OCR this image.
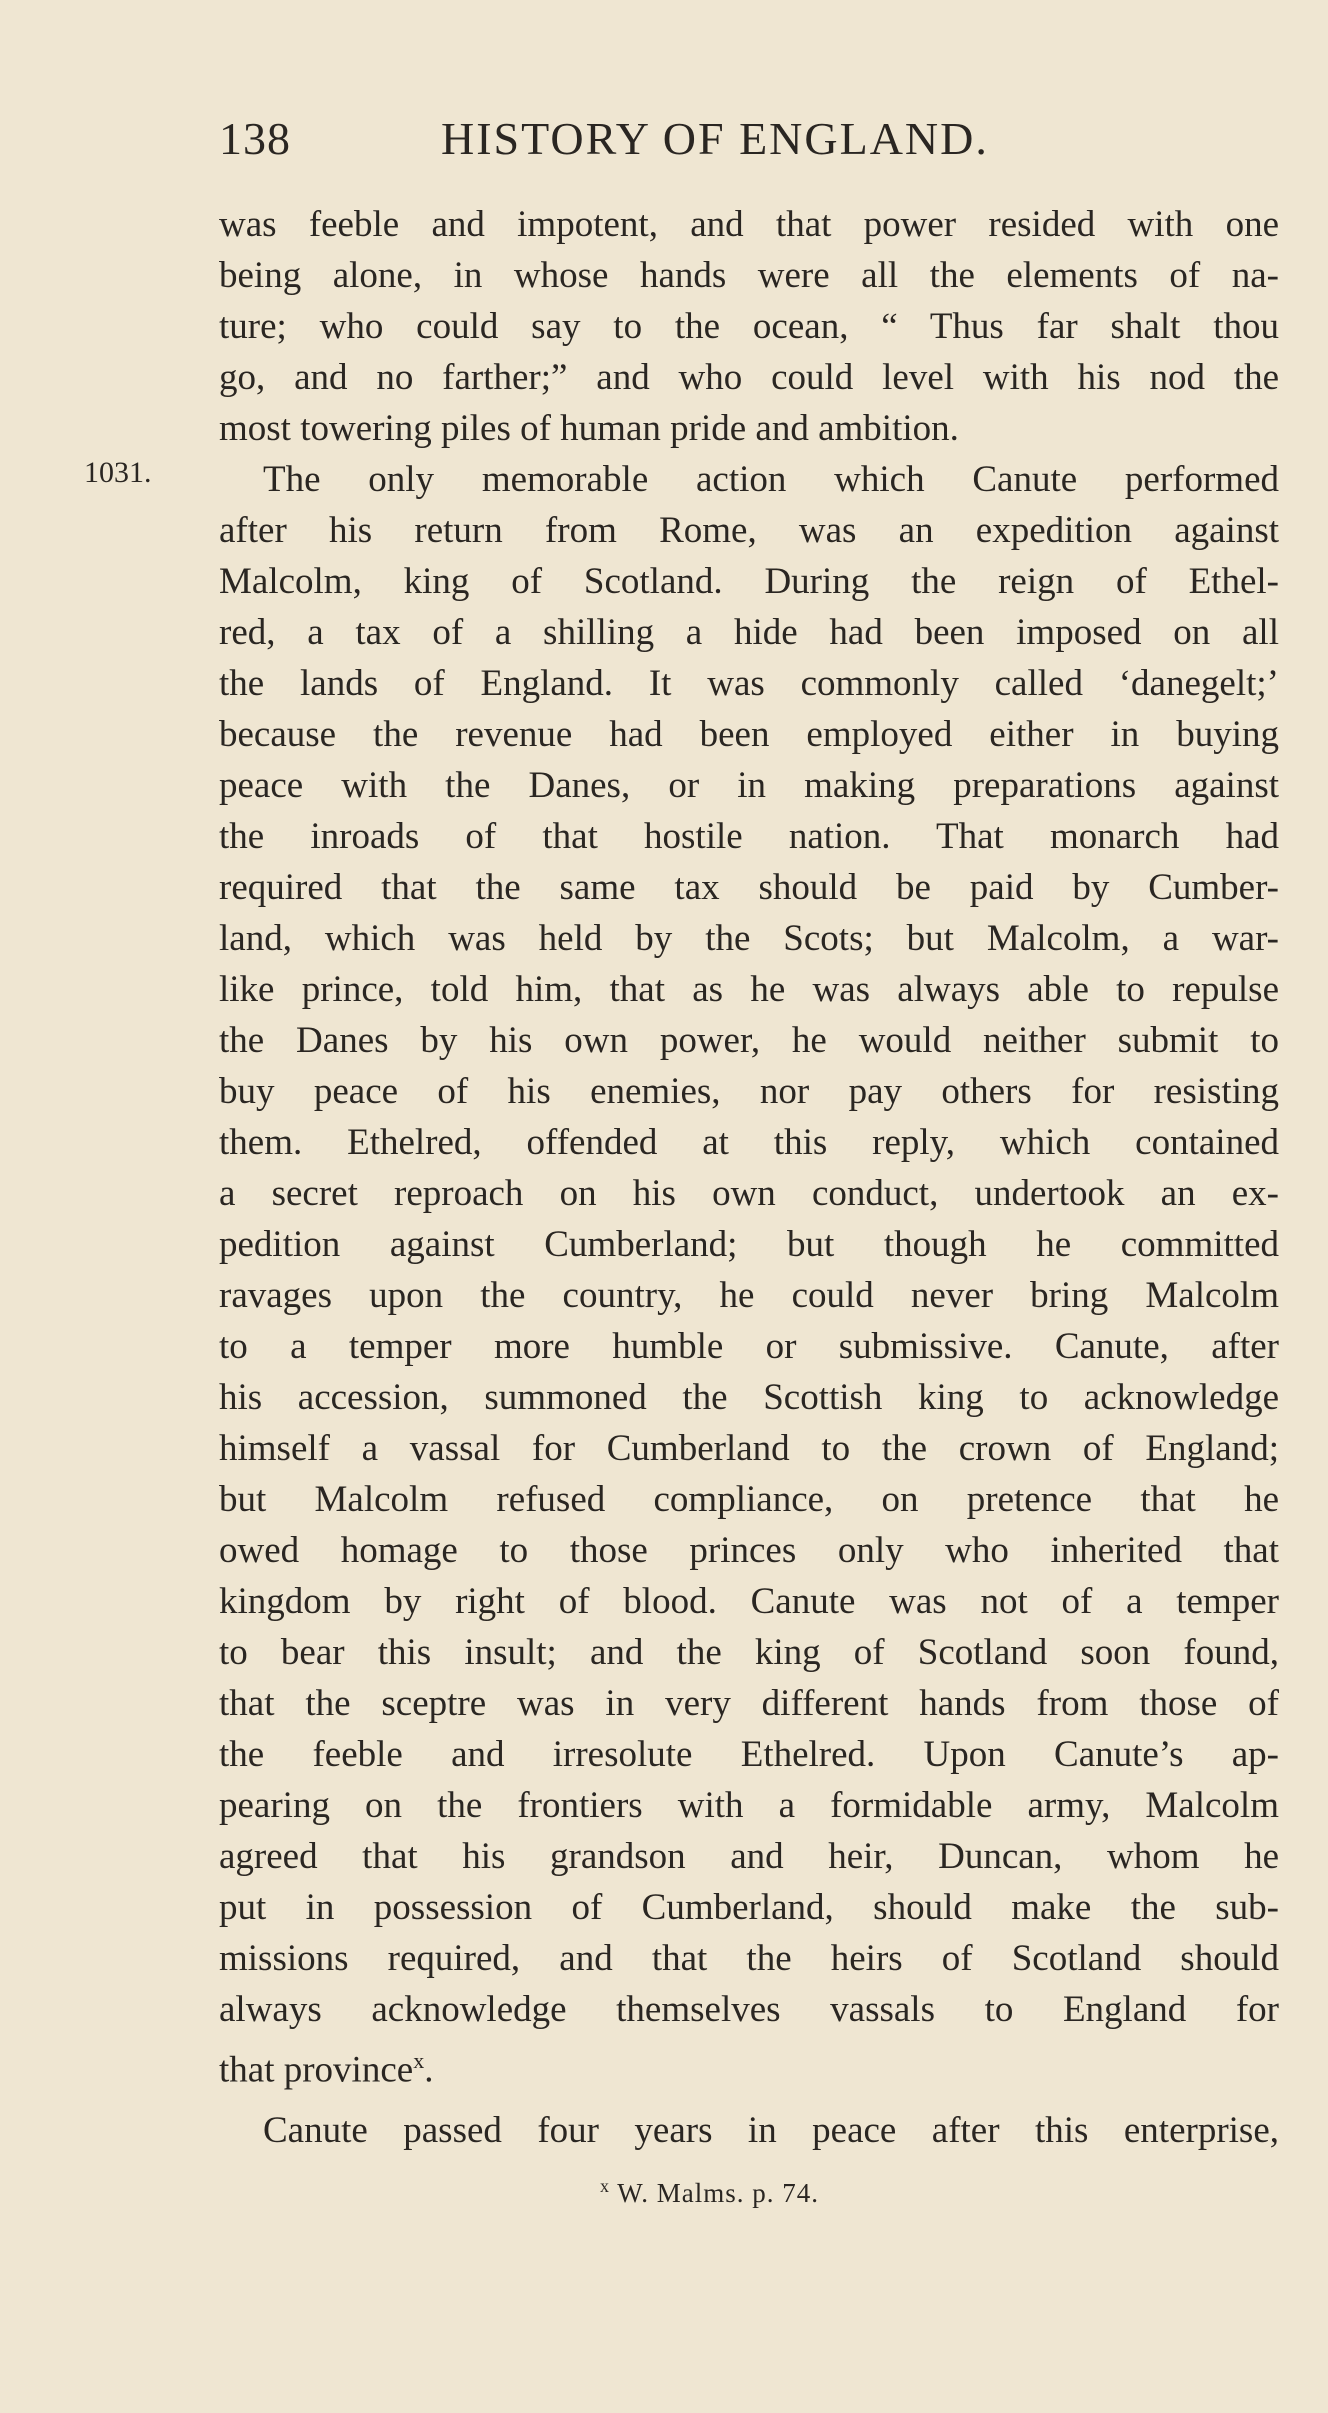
138	HISTORY OF ENGLAND.
1031.
was feeble and impotent, and that power resided with one
being alone, in whose hands were all the elements of na-
ture; who could say to the ocean, “ Thus far shalt thou
go, and no farther;” and who could level with his nod the
most towering piles of human pride and ambition.
The only memorable action which Canute performed
after his return from Rome, was an expedition against
Malcolm, king of Scotland. During the reign of Ethel-
red, a tax of a shilling a hide had been imposed on all
the lands of England. It was commonly called ‘danegelt;’
because the revenue had been employed either in buying
peace with the Danes, or in making preparations against
the inroads of that hostile nation. That monarch had
required that the same tax should be paid by Cumber-
land, which was held by the Scots; but Malcolm, a war-
like prince, told him, that as he was always able to repulse
the Danes by his own power, he would neither submit to
buy peace of his enemies, nor pay others for resisting
them. Ethelred, offended at this reply, which contained
a secret reproach on his own conduct, undertook an ex-
pedition against Cumberland; but though he committed
ravages upon the country, he could never bring Malcolm
to a temper more humble or submissive. Canute, after
his accession, summoned the Scottish king to acknowledge
himself a vassal for Cumberland to the crown of England;
but Malcolm refused compliance, on pretence that he
owed homage to those princes only who inherited that
kingdom by right of blood. Canute was not of a temper
to bear this insult; and the king of Scotland soon found,
that the sceptre was in very different hands from those of
the feeble and irresolute Ethelred. Upon Canute’s ap-
pearing on the frontiers with a formidable army, Malcolm
agreed that his grandson and heir, Duncan, whom he
put in possession of Cumberland, should make the sub-
missions required, and that the heirs of Scotland should
always acknowledge themselves vassals to England for
that province$^x$.
Canute passed four years in peace after this enterprise,
$^x$ W. Malms. p. 74.
